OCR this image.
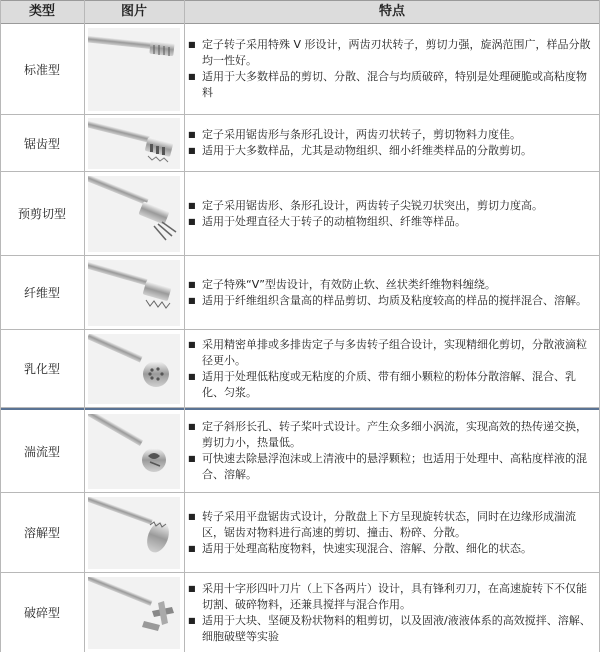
类型	图片	特点
标准型
■ 定子转子采用特殊 V 形设计，两齿刃状转子，剪切力强，旋涡范围广，样品分散均一性好。
■ 适用于大多数样品的剪切、分散、混合与均质破碎，特别是处理硬脆或高粘度物料
锯齿型
■ 定子采用锯齿形与条形孔设计，两齿刃状转子，剪切物料力度佳。
■ 适用于大多数样品，尤其是动物组织、细小纤维类样品的分散剪切。
预剪切型
■ 定子采用锯齿形、条形孔设计，两齿转子尖锐刃状突出，剪切力度高。
■ 适用于处理直径大于转子的动植物组织、纤维等样品。
纤维型
■ 定子特殊“V”型齿设计，有效防止软、丝状类纤维物料缠绕。
■ 适用于纤维组织含量高的样品剪切、均质及粘度较高的样品的搅拌混合、溶解。
乳化型
■ 采用精密单排或多排齿定子与多齿转子组合设计，实现精细化剪切，分散液滴粒径更小。
■ 适用于处理低粘度或无粘度的介质、带有细小颗粒的粉体分散溶解、混合、乳化、匀浆。
湍流型
■ 定子斜形长孔、转子桨叶式设计。产生众多细小涡流，实现高效的热传递交换，剪切力小，热量低。
■ 可快速去除悬浮泡沫或上清液中的悬浮颗粒；也适用于处理中、高粘度样液的混合、溶解。
溶解型
■ 转子采用平盘锯齿式设计，分散盘上下方呈现旋转状态，同时在边缘形成湍流区，锯齿对物料进行高速的剪切、撞击、粉碎、分散。
■ 适用于处理高粘度物料，快速实现混合、溶解、分散、细化的状态。
破碎型
■ 采用十字形四叶刀片（上下各两片）设计，具有锋利刃刀，在高速旋转下不仅能切割、破碎物料，还兼具搅拌与混合作用。
■ 适用于大块、坚硬及粉状物料的粗剪切，以及固液/液液体系的高效搅拌、溶解、细胞破壁等实验
